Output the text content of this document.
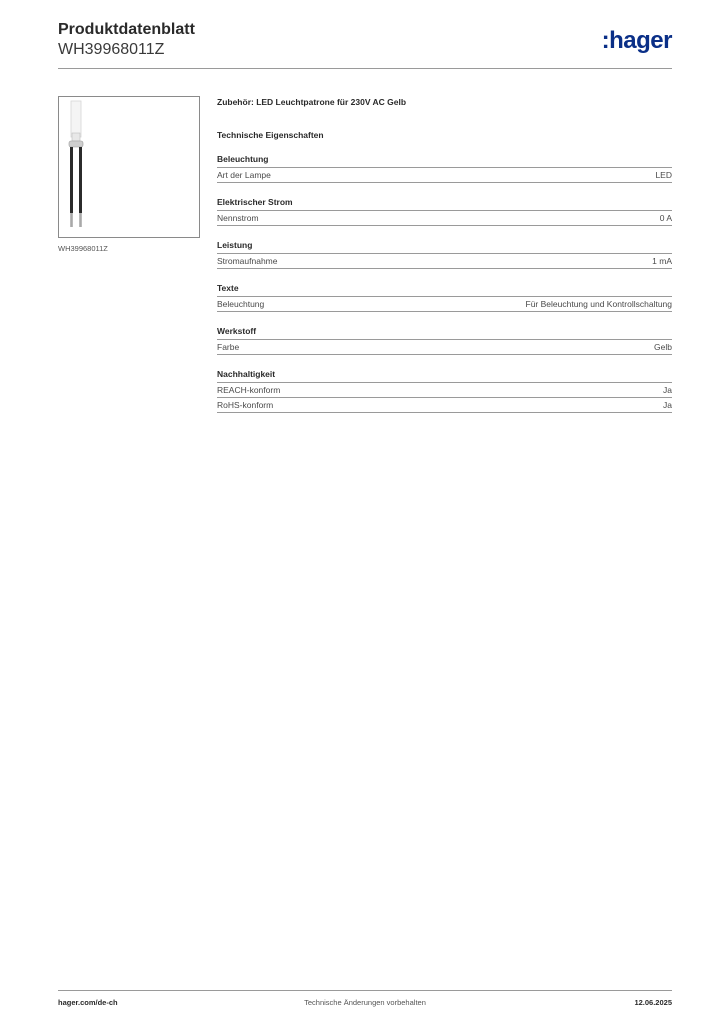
Produktdatenblatt
WH39968011Z	:hager
WH39968011Z
Zubehör: LED Leuchtpatrone für 230V AC Gelb
Technische Eigenschaften
Beleuchtung
Art der Lampe	LED
Elektrischer Strom
Nennstrom	0 A
Leistung
Stromaufnahme	1 mA
Texte
Beleuchtung	Für Beleuchtung und Kontrollschaltung
Werkstoff
Farbe	Gelb
Nachhaltigkeit
REACH-konform	Ja
RoHS-konform	Ja
hager.com/de-ch	Technische Änderungen vorbehalten	12.06.2025
